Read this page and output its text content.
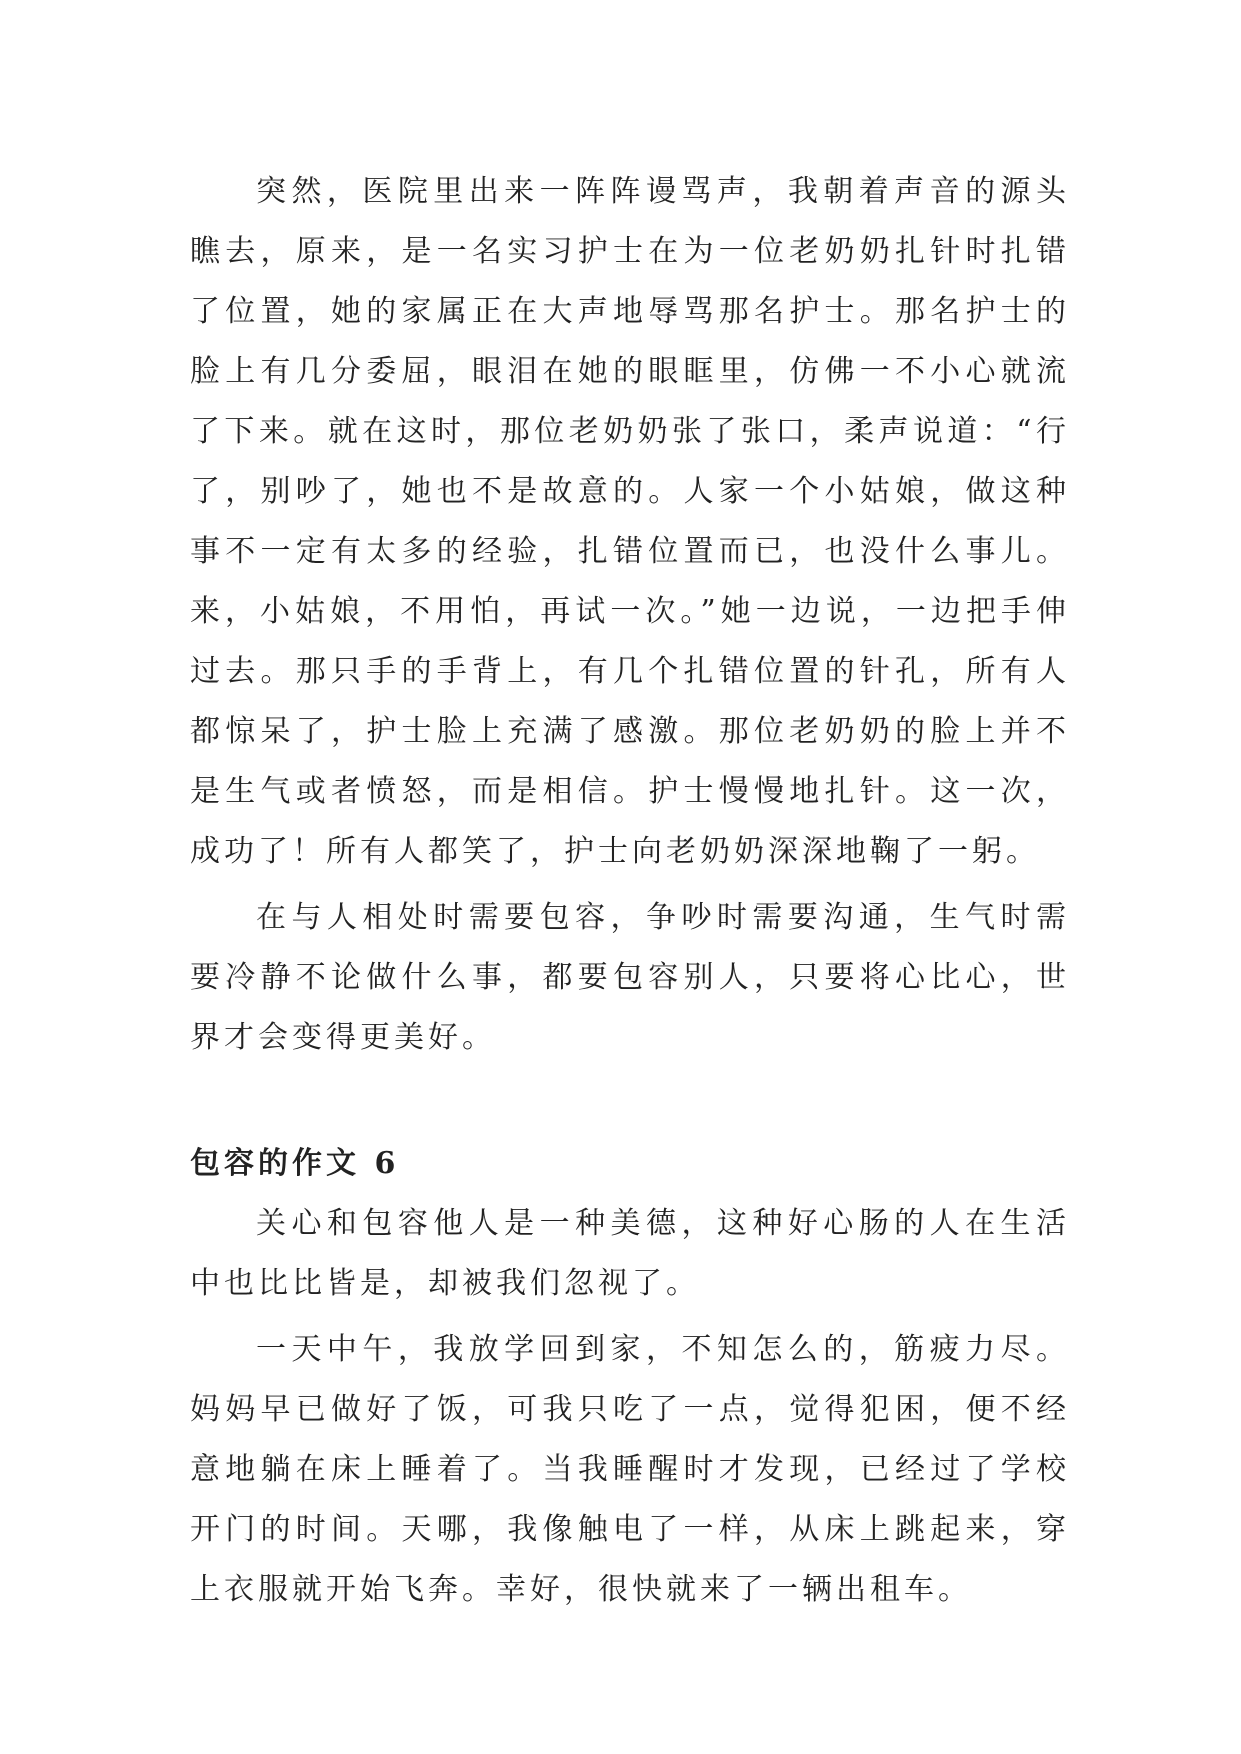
突然，医院里出来一阵阵谩骂声，我朝着声音的源头瞧去，原来，是一名实习护士在为一位老奶奶扎针时扎错了位置，她的家属正在大声地辱骂那名护士。那名护士的脸上有几分委屈，眼泪在她的眼眶里，仿佛一不小心就流了下来。就在这时，那位老奶奶张了张口，柔声说道：“行了，别吵了，她也不是故意的。人家一个小姑娘，做这种事不一定有太多的经验，扎错位置而已，也没什么事儿。来，小姑娘，不用怕，再试一次。”她一边说，一边把手伸过去。那只手的手背上，有几个扎错位置的针孔，所有人都惊呆了，护士脸上充满了感激。那位老奶奶的脸上并不是生气或者愤怒，而是相信。护士慢慢地扎针。这一次，成功了！所有人都笑了，护士向老奶奶深深地鞠了一躬。

在与人相处时需要包容，争吵时需要沟通，生气时需要冷静不论做什么事，都要包容别人，只要将心比心，世界才会变得更美好。

包容的作文 6

关心和包容他人是一种美德，这种好心肠的人在生活中也比比皆是，却被我们忽视了。

一天中午，我放学回到家，不知怎么的，筋疲力尽。妈妈早已做好了饭，可我只吃了一点，觉得犯困，便不经意地躺在床上睡着了。当我睡醒时才发现，已经过了学校开门的时间。天哪，我像触电了一样，从床上跳起来，穿上衣服就开始飞奔。幸好，很快就来了一辆出租车。
